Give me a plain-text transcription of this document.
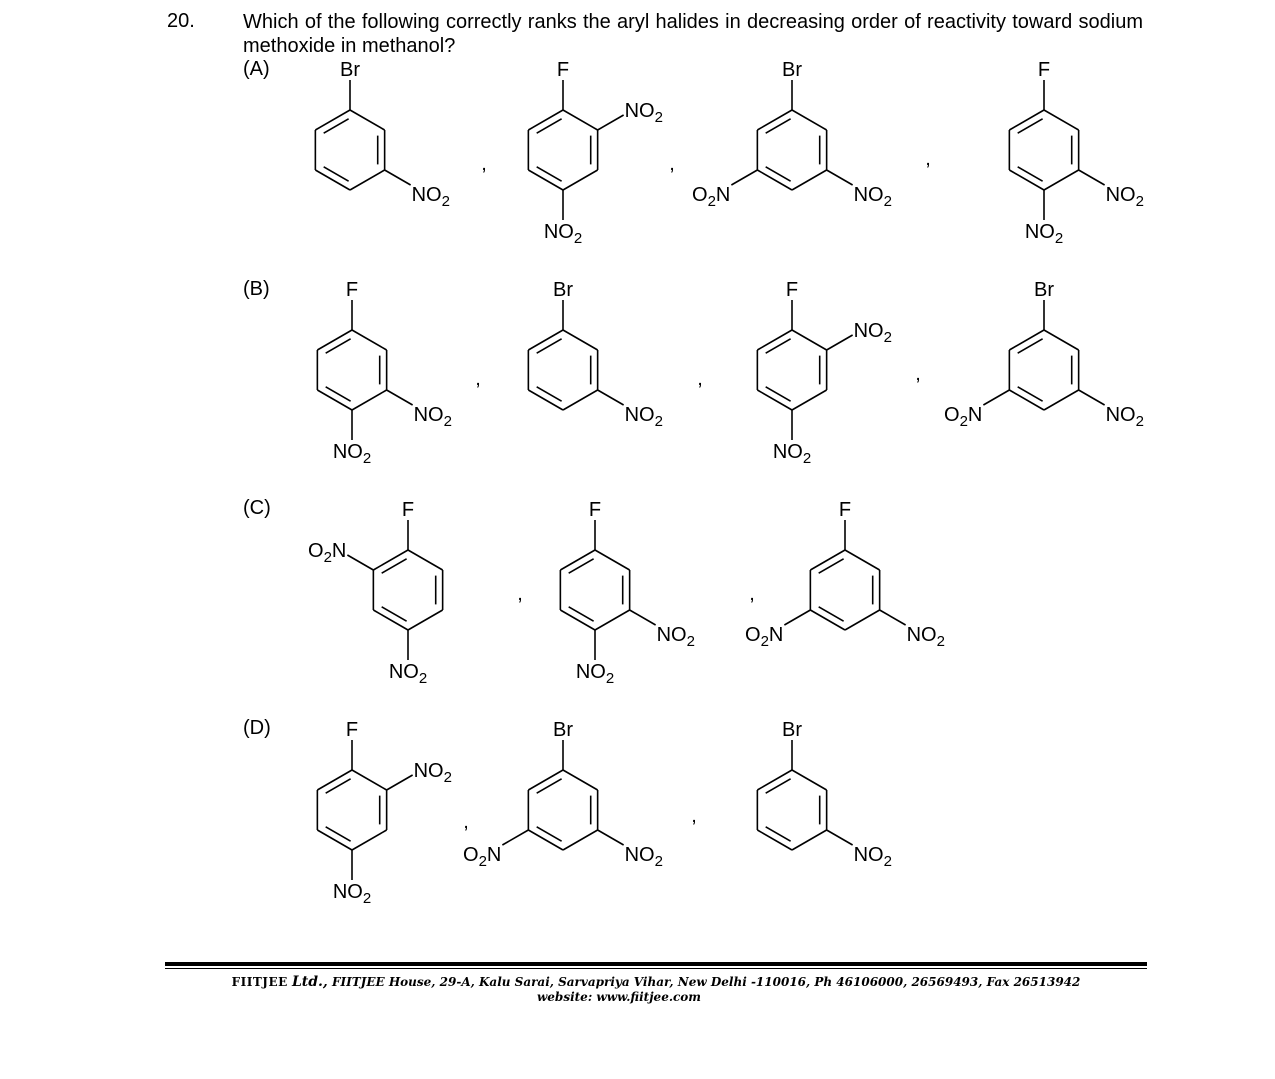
20. Which of the following correctly ranks the aryl halides in decreasing order of reactivity toward sodium methoxide in methanol?
(A)
(B)
(C)
(D)
Br
$NO_2$
F
$NO_2$
$NO_2$
Br
$NO_2$
$O_2N$
F
$NO_2$
$NO_2$
,	,	,
F
$NO_2$
$NO_2$
Br
$NO_2$
F
$NO_2$
$NO_2$
Br
$NO_2$
$O_2N$
,	,	,
F
$NO_2$
$O_2N$
F
$NO_2$
$NO_2$
F
$NO_2$
$O_2N$
,	,
F
$NO_2$
$NO_2$
Br
$NO_2$
$O_2N$
Br
$NO_2$
,	,
FIITJEE Ltd., FIITJEE House, 29-A, Kalu Sarai, Sarvapriya Vihar, New Delhi -110016, Ph 46106000, 26569493, Fax 26513942
website: www.fiitjee.com
